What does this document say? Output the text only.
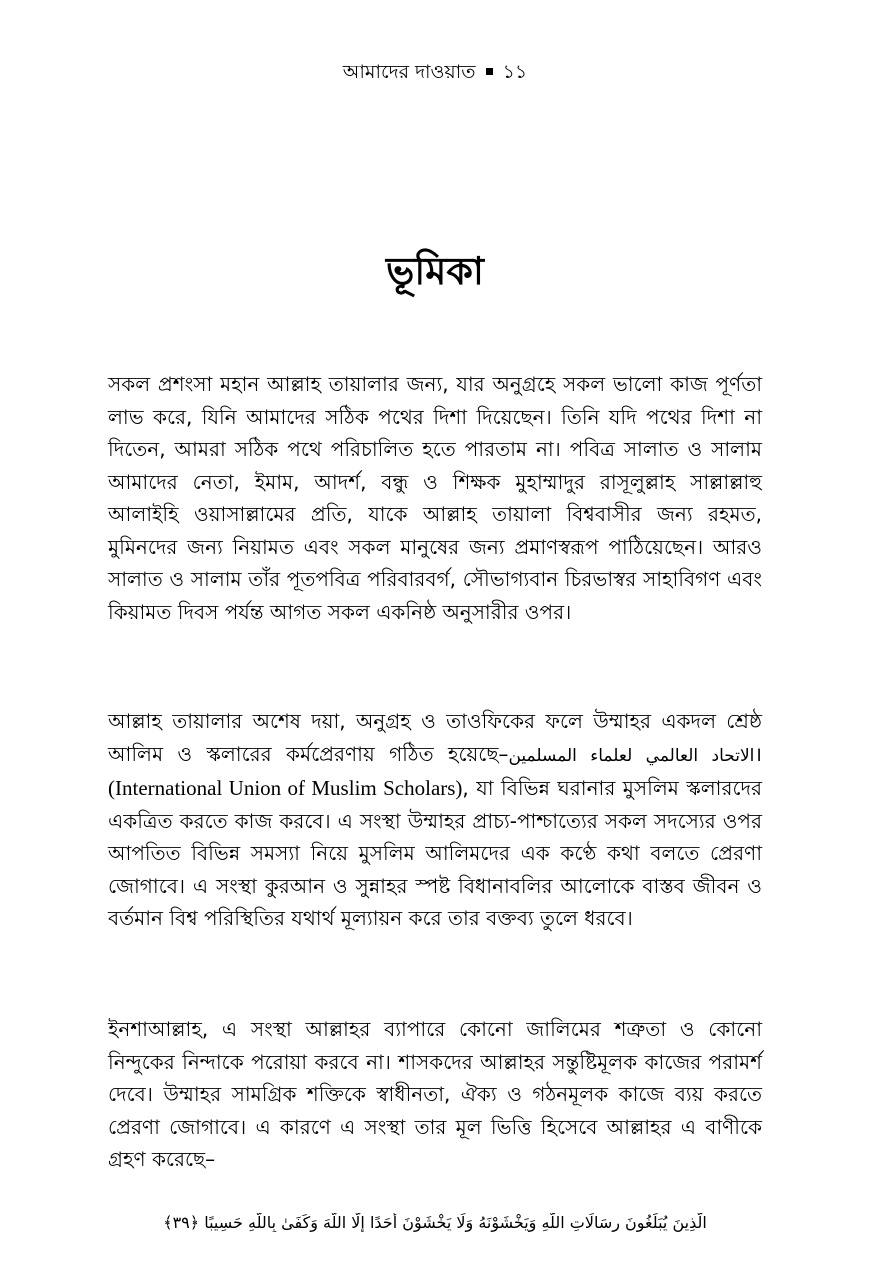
আমাদের দাওয়াত ১১
ভূমিকা

সকল প্রশংসা মহান আল্লাহ তায়ালার জন্য, যার অনুগ্রহে সকল ভালো কাজ পূর্ণতা লাভ করে, যিনি আমাদের সঠিক পথের দিশা দিয়েছেন। তিনি যদি পথের দিশা না দিতেন, আমরা সঠিক পথে পরিচালিত হতে পারতাম না। পবিত্র সালাত ও সালাম আমাদের নেতা, ইমাম, আদর্শ, বন্ধু ও শিক্ষক মুহাম্মাদুর রাসূলুল্লাহ সাল্লাল্লাহু আলাইহি ওয়াসাল্লামের প্রতি, যাকে আল্লাহ তায়ালা বিশ্ববাসীর জন্য রহমত, মুমিনদের জন্য নিয়ামত এবং সকল মানুষের জন্য প্রমাণস্বরূপ পাঠিয়েছেন। আরও সালাত ও সালাম তাঁর পূতপবিত্র পরিবারবর্গ, সৌভাগ্যবান চিরভাস্বর সাহাবিগণ এবং কিয়ামত দিবস পর্যন্ত আগত সকল একনিষ্ঠ অনুসারীর ওপর।

আল্লাহ তায়ালার অশেষ দয়া, অনুগ্রহ ও তাওফিকের ফলে উম্মাহর একদল শ্রেষ্ঠ আলিম ও স্কলারের কর্মপ্রেরণায় গঠিত হয়েছে–الاتحاد العالمي لعلماء المسلمين।(International Union of Muslim Scholars), যা বিভিন্ন ঘরানার মুসলিম স্কলারদের একত্রিত করতে কাজ করবে। এ সংস্থা উম্মাহর প্রাচ্য-পাশ্চাত্যের সকল সদস্যের ওপর আপতিত বিভিন্ন সমস্যা নিয়ে মুসলিম আলিমদের এক কণ্ঠে কথা বলতে প্রেরণা জোগাবে। এ সংস্থা কুরআন ও সুন্নাহর স্পষ্ট বিধানাবলির আলোকে বাস্তব জীবন ও বর্তমান বিশ্ব পরিস্থিতির যথার্থ মূল্যায়ন করে তার বক্তব্য তুলে ধরবে।

ইনশাআল্লাহ, এ সংস্থা আল্লাহর ব্যাপারে কোনো জালিমের শত্রুতা ও কোনো নিন্দুকের নিন্দাকে পরোয়া করবে না। শাসকদের আল্লাহর সন্তুষ্টিমূলক কাজের পরামর্শ দেবে। উম্মাহর সামগ্রিক শক্তিকে স্বাধীনতা, ঐক্য ও গঠনমূলক কাজে ব্যয় করতে প্রেরণা জোগাবে। এ কারণে এ সংস্থা তার মূল ভিত্তি হিসেবে আল্লাহর এ বাণীকে গ্রহণ করেছে–

الَّذِينَ يُبَلِّغُونَ رِسَالَاتِ اللَّهِ وَيَخْشَوْنَهُ وَلَا يَخْشَوْنَ أَحَدًا إِلَّا اللَّهَ وَكَفَىٰ بِاللَّهِ حَسِيبًا ﴿٣٩﴾
